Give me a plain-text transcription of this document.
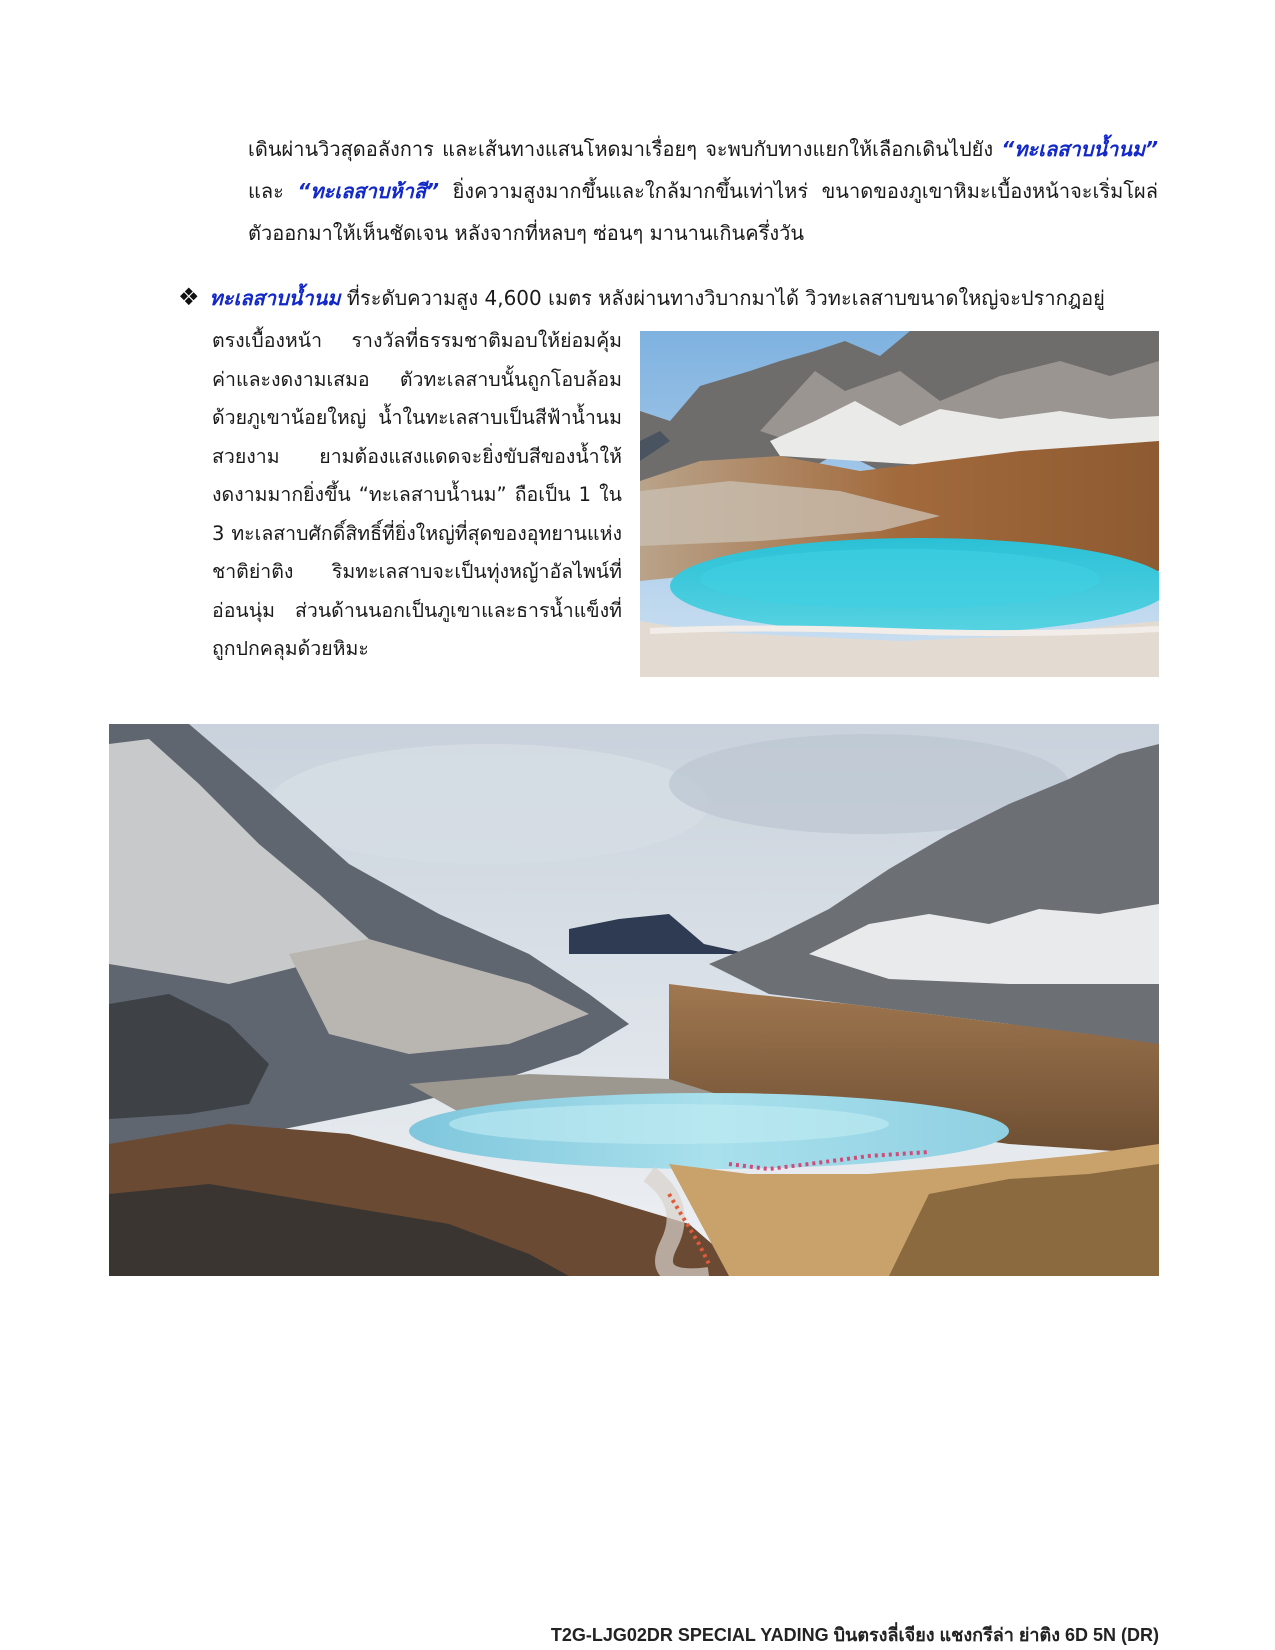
เดินผ่านวิวสุดอลังการ และเส้นทางแสนโหดมาเรื่อยๆ จะพบกับทางแยกให้เลือกเดินไปยัง “ทะเลสาบน้ำนม” และ “ทะเลสาบห้าสี” ยิ่งความสูงมากขึ้นและใกล้มากขึ้นเท่าไหร่ ขนาดของภูเขาหิมะเบื้องหน้าจะเริ่มโผล่ตัวออกมาให้เห็นชัดเจน หลังจากที่หลบๆ ซ่อนๆ มานานเกินครึ่งวัน
❖ ทะเลสาบน้ำนม ที่ระดับความสูง 4,600 เมตร หลังผ่านทางวิบากมาได้ วิวทะเลสาบขนาดใหญ่จะปรากฎอยู่
ตรงเบื้องหน้า รางวัลที่ธรรมชาติมอบให้ย่อมคุ้มค่าและงดงามเสมอ ตัวทะเลสาบนั้นถูกโอบล้อมด้วยภูเขาน้อยใหญ่ น้ำในทะเลสาบเป็นสีฟ้าน้ำนมสวยงาม ยามต้องแสงแดดจะยิ่งขับสีของน้ำให้งดงามมากยิ่งขึ้น “ทะเลสาบน้ำนม” ถือเป็น 1 ใน 3 ทะเลสาบศักดิ์สิทธิ์ที่ยิ่งใหญ่ที่สุดของอุทยานแห่งชาติย่าติง ริมทะเลสาบจะเป็นทุ่งหญ้าอัลไพน์ที่อ่อนนุ่ม ส่วนด้านนอกเป็นภูเขาและธารน้ำแข็งที่ถูกปกคลุมด้วยหิมะ
T2G-LJG02DR SPECIAL YADING บินตรงลี่เจียง แชงกรีล่า ย่าติง 6D 5N (DR)
